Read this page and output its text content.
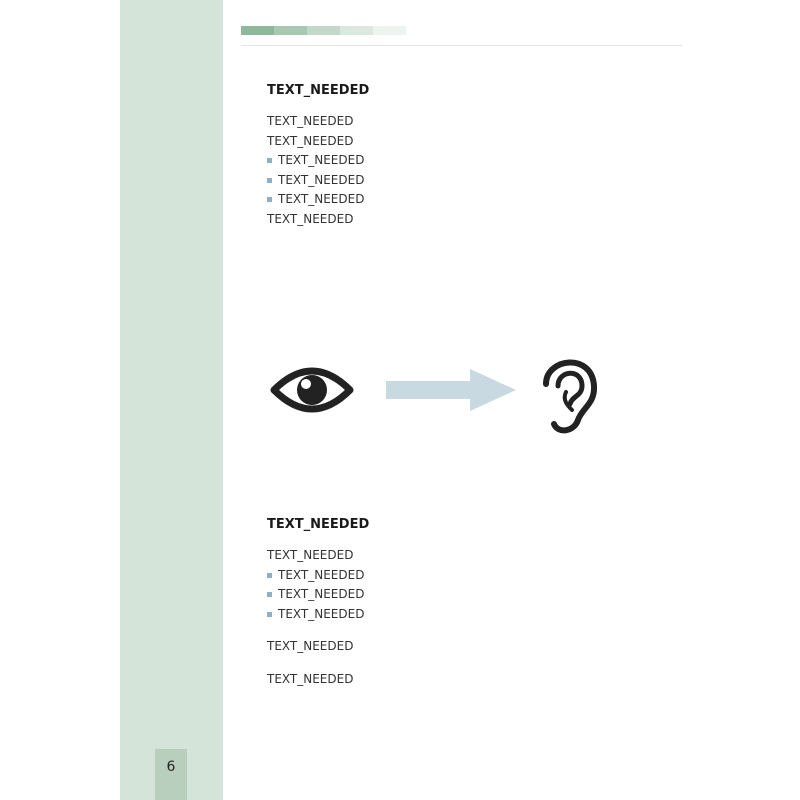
6
TEXT_NEEDED

TEXT_NEEDED

TEXT_NEEDED

TEXT_NEEDED
TEXT_NEEDED
TEXT_NEEDED

TEXT_NEEDED

TEXT_NEEDED

TEXT_NEEDED

TEXT_NEEDED
TEXT_NEEDED
TEXT_NEEDED

TEXT_NEEDED

TEXT_NEEDED
